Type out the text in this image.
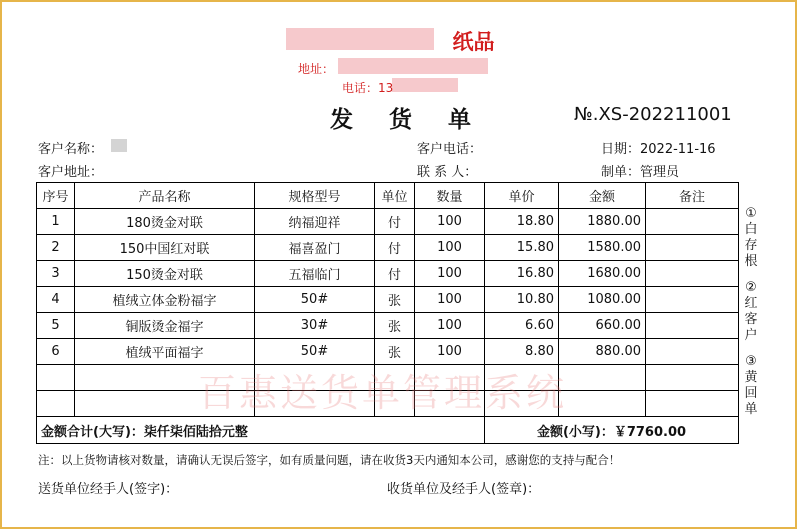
纸品
地址：
电话：13
发 货 单	№.XS-202211001
客户名称：	客户电话：	日期：2022-11-16
客户地址：	联 系 人：	制单：管理员
序号	产品名称	规格型号	单位	数量	单价	金额	备注
1	180烫金对联	纳福迎祥	付	100	18.80	1880.00	
2	150中国红对联	福喜盈门	付	100	15.80	1580.00	
3	150烫金对联	五福临门	付	100	16.80	1680.00	
4	植绒立体金粉福字	50#	张	100	10.80	1080.00	
5	铜版烫金福字	30#	张	100	6.60	660.00	
6	植绒平面福字	50#	张	100	8.80	880.00	

金额合计(大写)：柒仟柒佰陆拾元整					金额(小写)：￥7760.00		
①白存根
②红客户
③黄回单
百惠送货单管理系统
注：以上货物请核对数量，请确认无误后签字，如有质量问题，请在收货3天内通知本公司，感谢您的支持与配合！
送货单位经手人(签字)：	收货单位及经手人(签章)：
